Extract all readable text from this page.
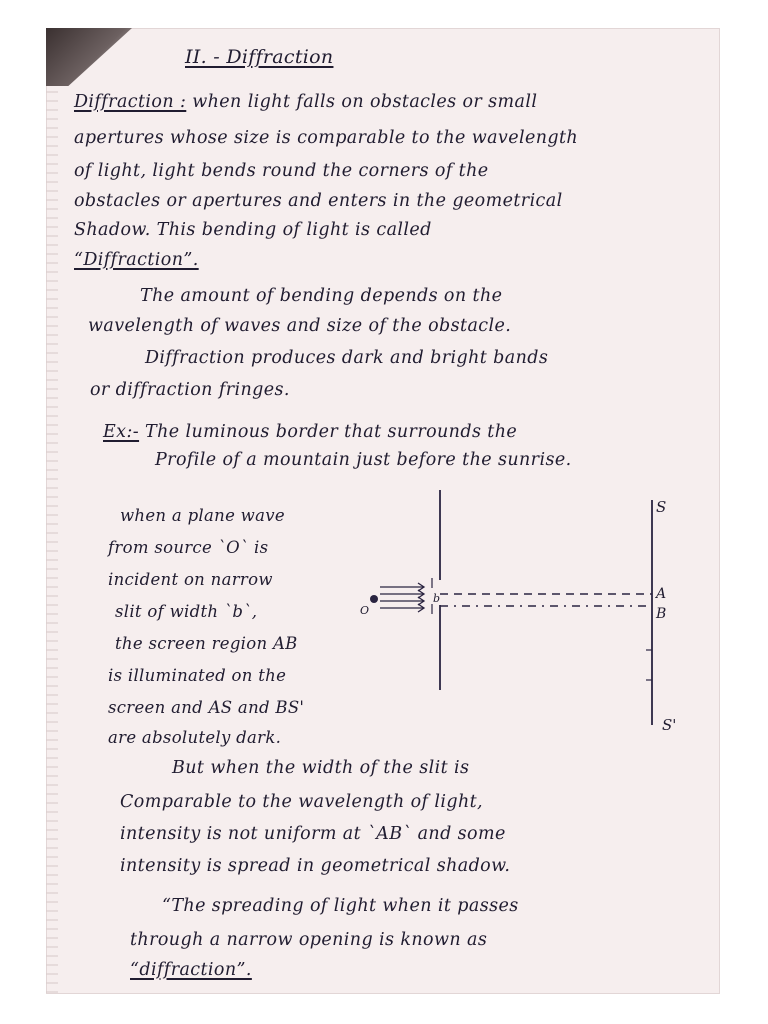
II. - Diffraction
Diffraction : when light falls on obstacles or small
apertures whose size is comparable to the wavelength
of light, light bends round the corners of the
obstacles or apertures and enters in the geometrical
Shadow. This bending of light is called
“Diffraction”.
The amount of bending depends on the
wavelength of waves and size of the obstacle.
Diffraction produces dark and bright bands
or diffraction fringes.
Ex:- The luminous border that surrounds the
Profile of a mountain just before the sunrise.
when a plane wave
from source `O` is
incident on narrow
slit of width `b`,
the screen region AB
is illuminated on the
screen and AS and BS'
are absolutely dark.
S
S'
A
B
b
O
But when the width of the slit is
Comparable to the wavelength of light,
intensity is not uniform at `AB` and some
intensity is spread in geometrical shadow.
“The spreading of light when it passes
through a narrow opening is known as
“diffraction”.
